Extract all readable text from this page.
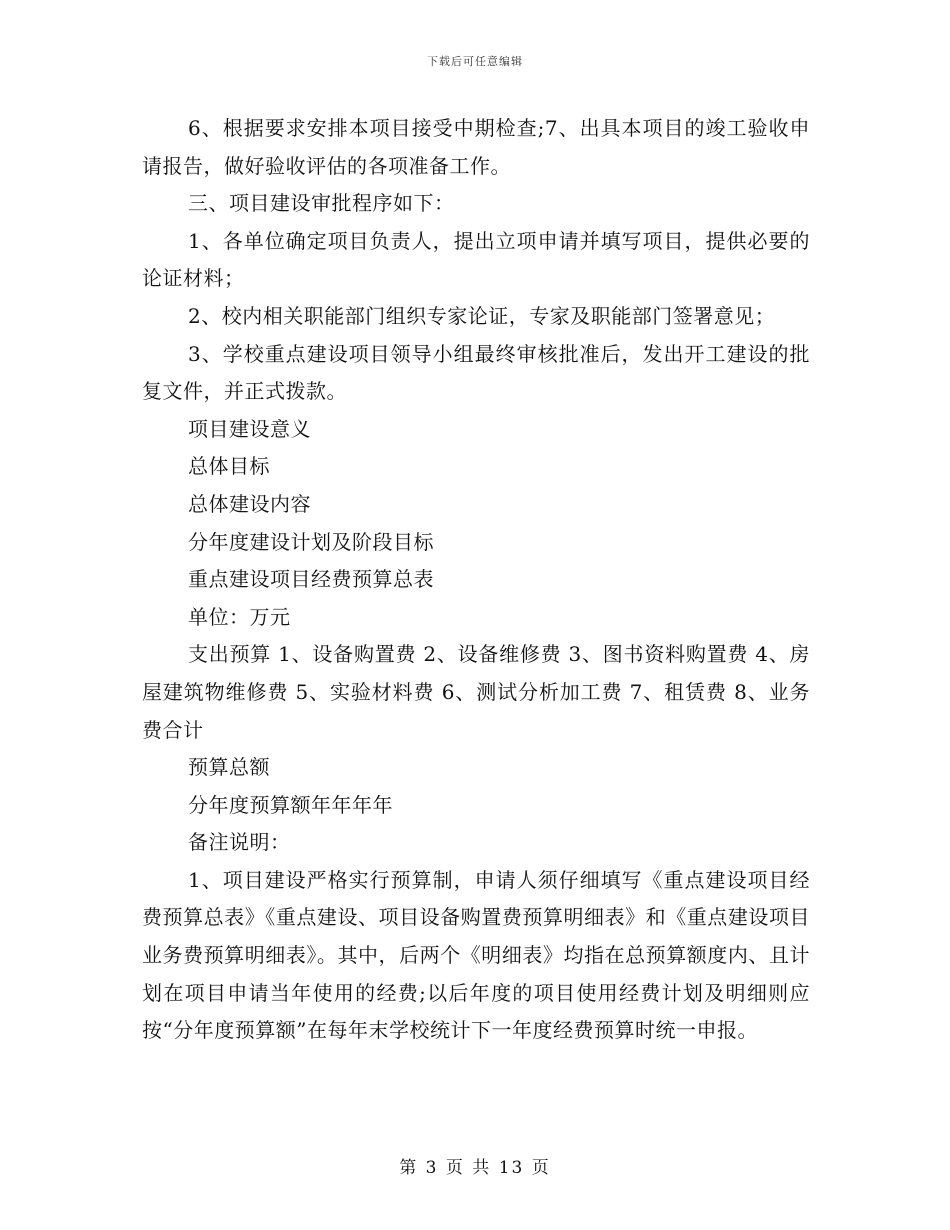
下载后可任意编辑

6、根据要求安排本项目接受中期检查;7、出具本项目的竣工验收申请报告，做好验收评估的各项准备工作。

三、项目建设审批程序如下：

1、各单位确定项目负责人，提出立项申请并填写项目，提供必要的论证材料；

2、校内相关职能部门组织专家论证，专家及职能部门签署意见；

3、学校重点建设项目领导小组最终审核批准后，发出开工建设的批复文件，并正式拨款。

项目建设意义

总体目标

总体建设内容

分年度建设计划及阶段目标

重点建设项目经费预算总表

单位：万元

支出预算 1、设备购置费 2、设备维修费 3、图书资料购置费 4、房屋建筑物维修费 5、实验材料费 6、测试分析加工费 7、租赁费 8、业务费合计

预算总额

分年度预算额年年年年

备注说明：

1、项目建设严格实行预算制，申请人须仔细填写《重点建设项目经费预算总表》《重点建设、项目设备购置费预算明细表》和《重点建设项目业务费预算明细表》。其中，后两个《明细表》均指在总预算额度内、且计划在项目申请当年使用的经费;以后年度的项目使用经费计划及明细则应按“分年度预算额”在每年末学校统计下一年度经费预算时统一申报。

第 3 页 共 13 页
